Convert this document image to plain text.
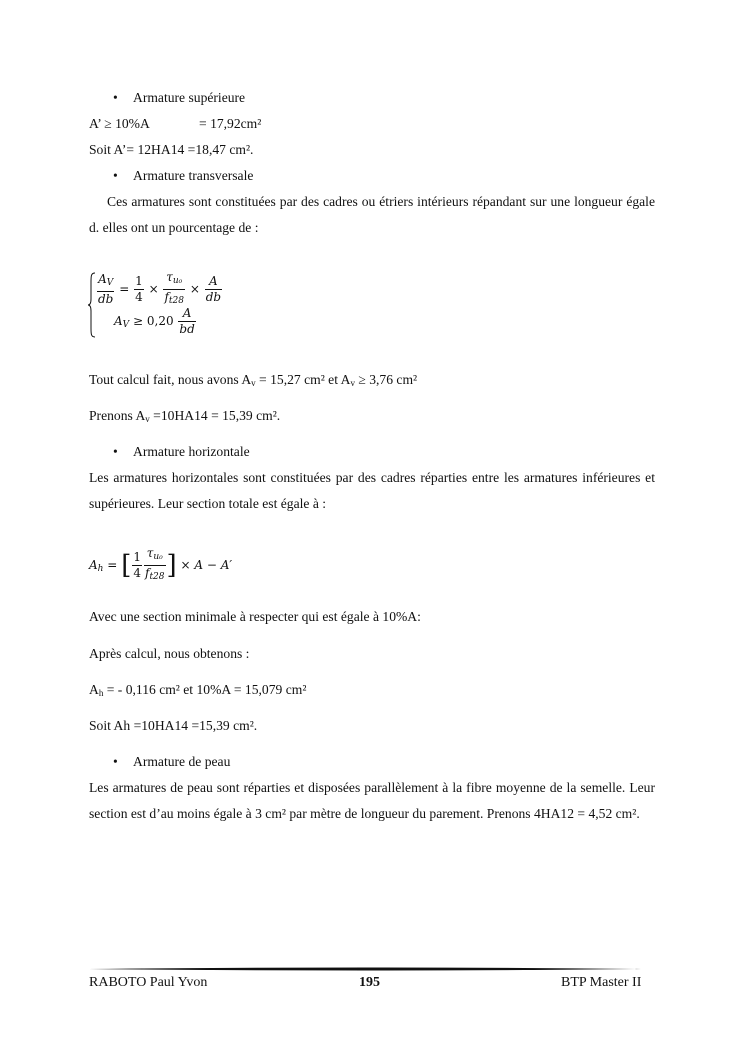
• Armature supérieure
A’ ≥ 10%A	= 17,92cm²
Soit A’= 12HA14 =18,47 cm².
• Armature transversale
Ces armatures sont constituées par des cadres ou étriers intérieurs répandant sur une longueur égale d. elles ont un pourcentage de :
$\frac{A_V}{db} = \frac{1}{4} \times \frac{\tau_{u_0}}{f_{t28}} \times \frac{A}{db}$
$A_V \ge 0,20 \frac{A}{bd}$
Tout calcul fait, nous avons $A_v = 15,27$ cm² et $A_v \ge 3,76$ cm²
Prenons $A_v =10HA14 = 15,39$ cm².
• Armature horizontale
Les armatures horizontales sont constituées par des cadres réparties entre les armatures inférieures et supérieures. Leur section totale est égale à :
$A_h$ = [ $\frac{1}{4} \frac{\tau_{u_0}}{f_{t28}}$ ] × A − A′
Avec une section minimale à respecter qui est égale à 10%A:
Après calcul, nous obtenons :
$A_h$ = - 0,116 cm² et 10%A = 15,079 cm²
Soit Ah =10HA14 =15,39 cm².
• Armature de peau
Les armatures de peau sont réparties et disposées parallèlement à la fibre moyenne de la semelle. Leur section est d’au moins égale à 3 cm² par mètre de longueur du parement. Prenons 4HA12 = 4,52 cm².
RABOTO Paul Yvon	195	BTP Master II
